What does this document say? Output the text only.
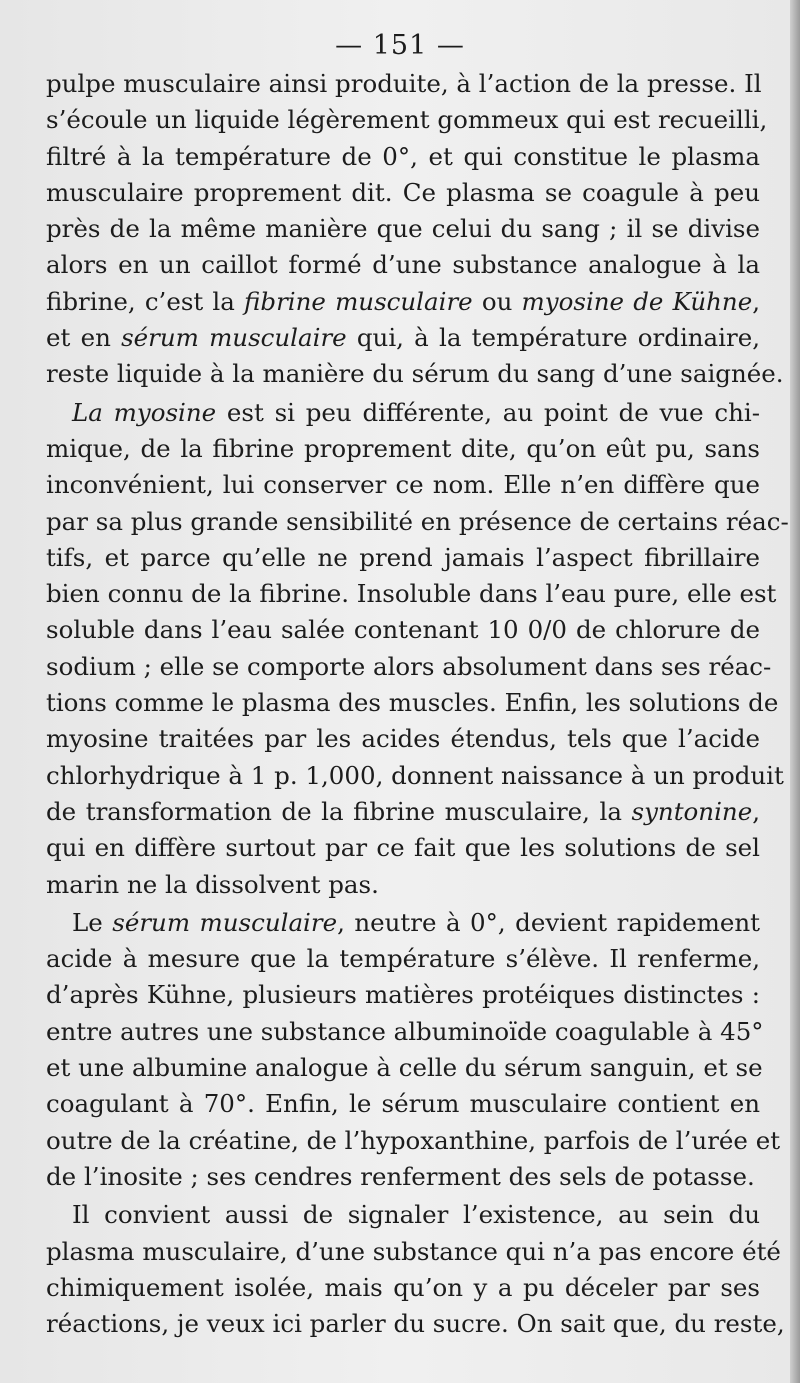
— 151 —
pulpe musculaire ainsi produite, à l’action de la presse. Il
s’écoule un liquide légèrement gommeux qui est recueilli,
filtré à la température de 0°, et qui constitue le plasma
musculaire proprement dit. Ce plasma se coagule à peu
près de la même manière que celui du sang ; il se divise
alors en un caillot formé d’une substance analogue à la
fibrine, c’est la fibrine musculaire ou myosine de Kühne,
et en sérum musculaire qui, à la température ordinaire,
reste liquide à la manière du sérum du sang d’une saignée.
La myosine est si peu différente, au point de vue chi-
mique, de la fibrine proprement dite, qu’on eût pu, sans
inconvénient, lui conserver ce nom. Elle n’en diffère que
par sa plus grande sensibilité en présence de certains réac-
tifs, et parce qu’elle ne prend jamais l’aspect fibrillaire
bien connu de la fibrine. Insoluble dans l’eau pure, elle est
soluble dans l’eau salée contenant 10 0/0 de chlorure de
sodium ; elle se comporte alors absolument dans ses réac-
tions comme le plasma des muscles. Enfin, les solutions de
myosine traitées par les acides étendus, tels que l’acide
chlorhydrique à 1 p. 1,000, donnent naissance à un produit
de transformation de la fibrine musculaire, la syntonine,
qui en diffère surtout par ce fait que les solutions de sel
marin ne la dissolvent pas.
Le sérum musculaire, neutre à 0°, devient rapidement
acide à mesure que la température s’élève. Il renferme,
d’après Kühne, plusieurs matières protéiques distinctes :
entre autres une substance albuminoïde coagulable à 45°
et une albumine analogue à celle du sérum sanguin, et se
coagulant à 70°. Enfin, le sérum musculaire contient en
outre de la créatine, de l’hypoxanthine, parfois de l’urée et
de l’inosite ; ses cendres renferment des sels de potasse.
Il convient aussi de signaler l’existence, au sein du
plasma musculaire, d’une substance qui n’a pas encore été
chimiquement isolée, mais qu’on y a pu déceler par ses
réactions, je veux ici parler du sucre. On sait que, du reste,
